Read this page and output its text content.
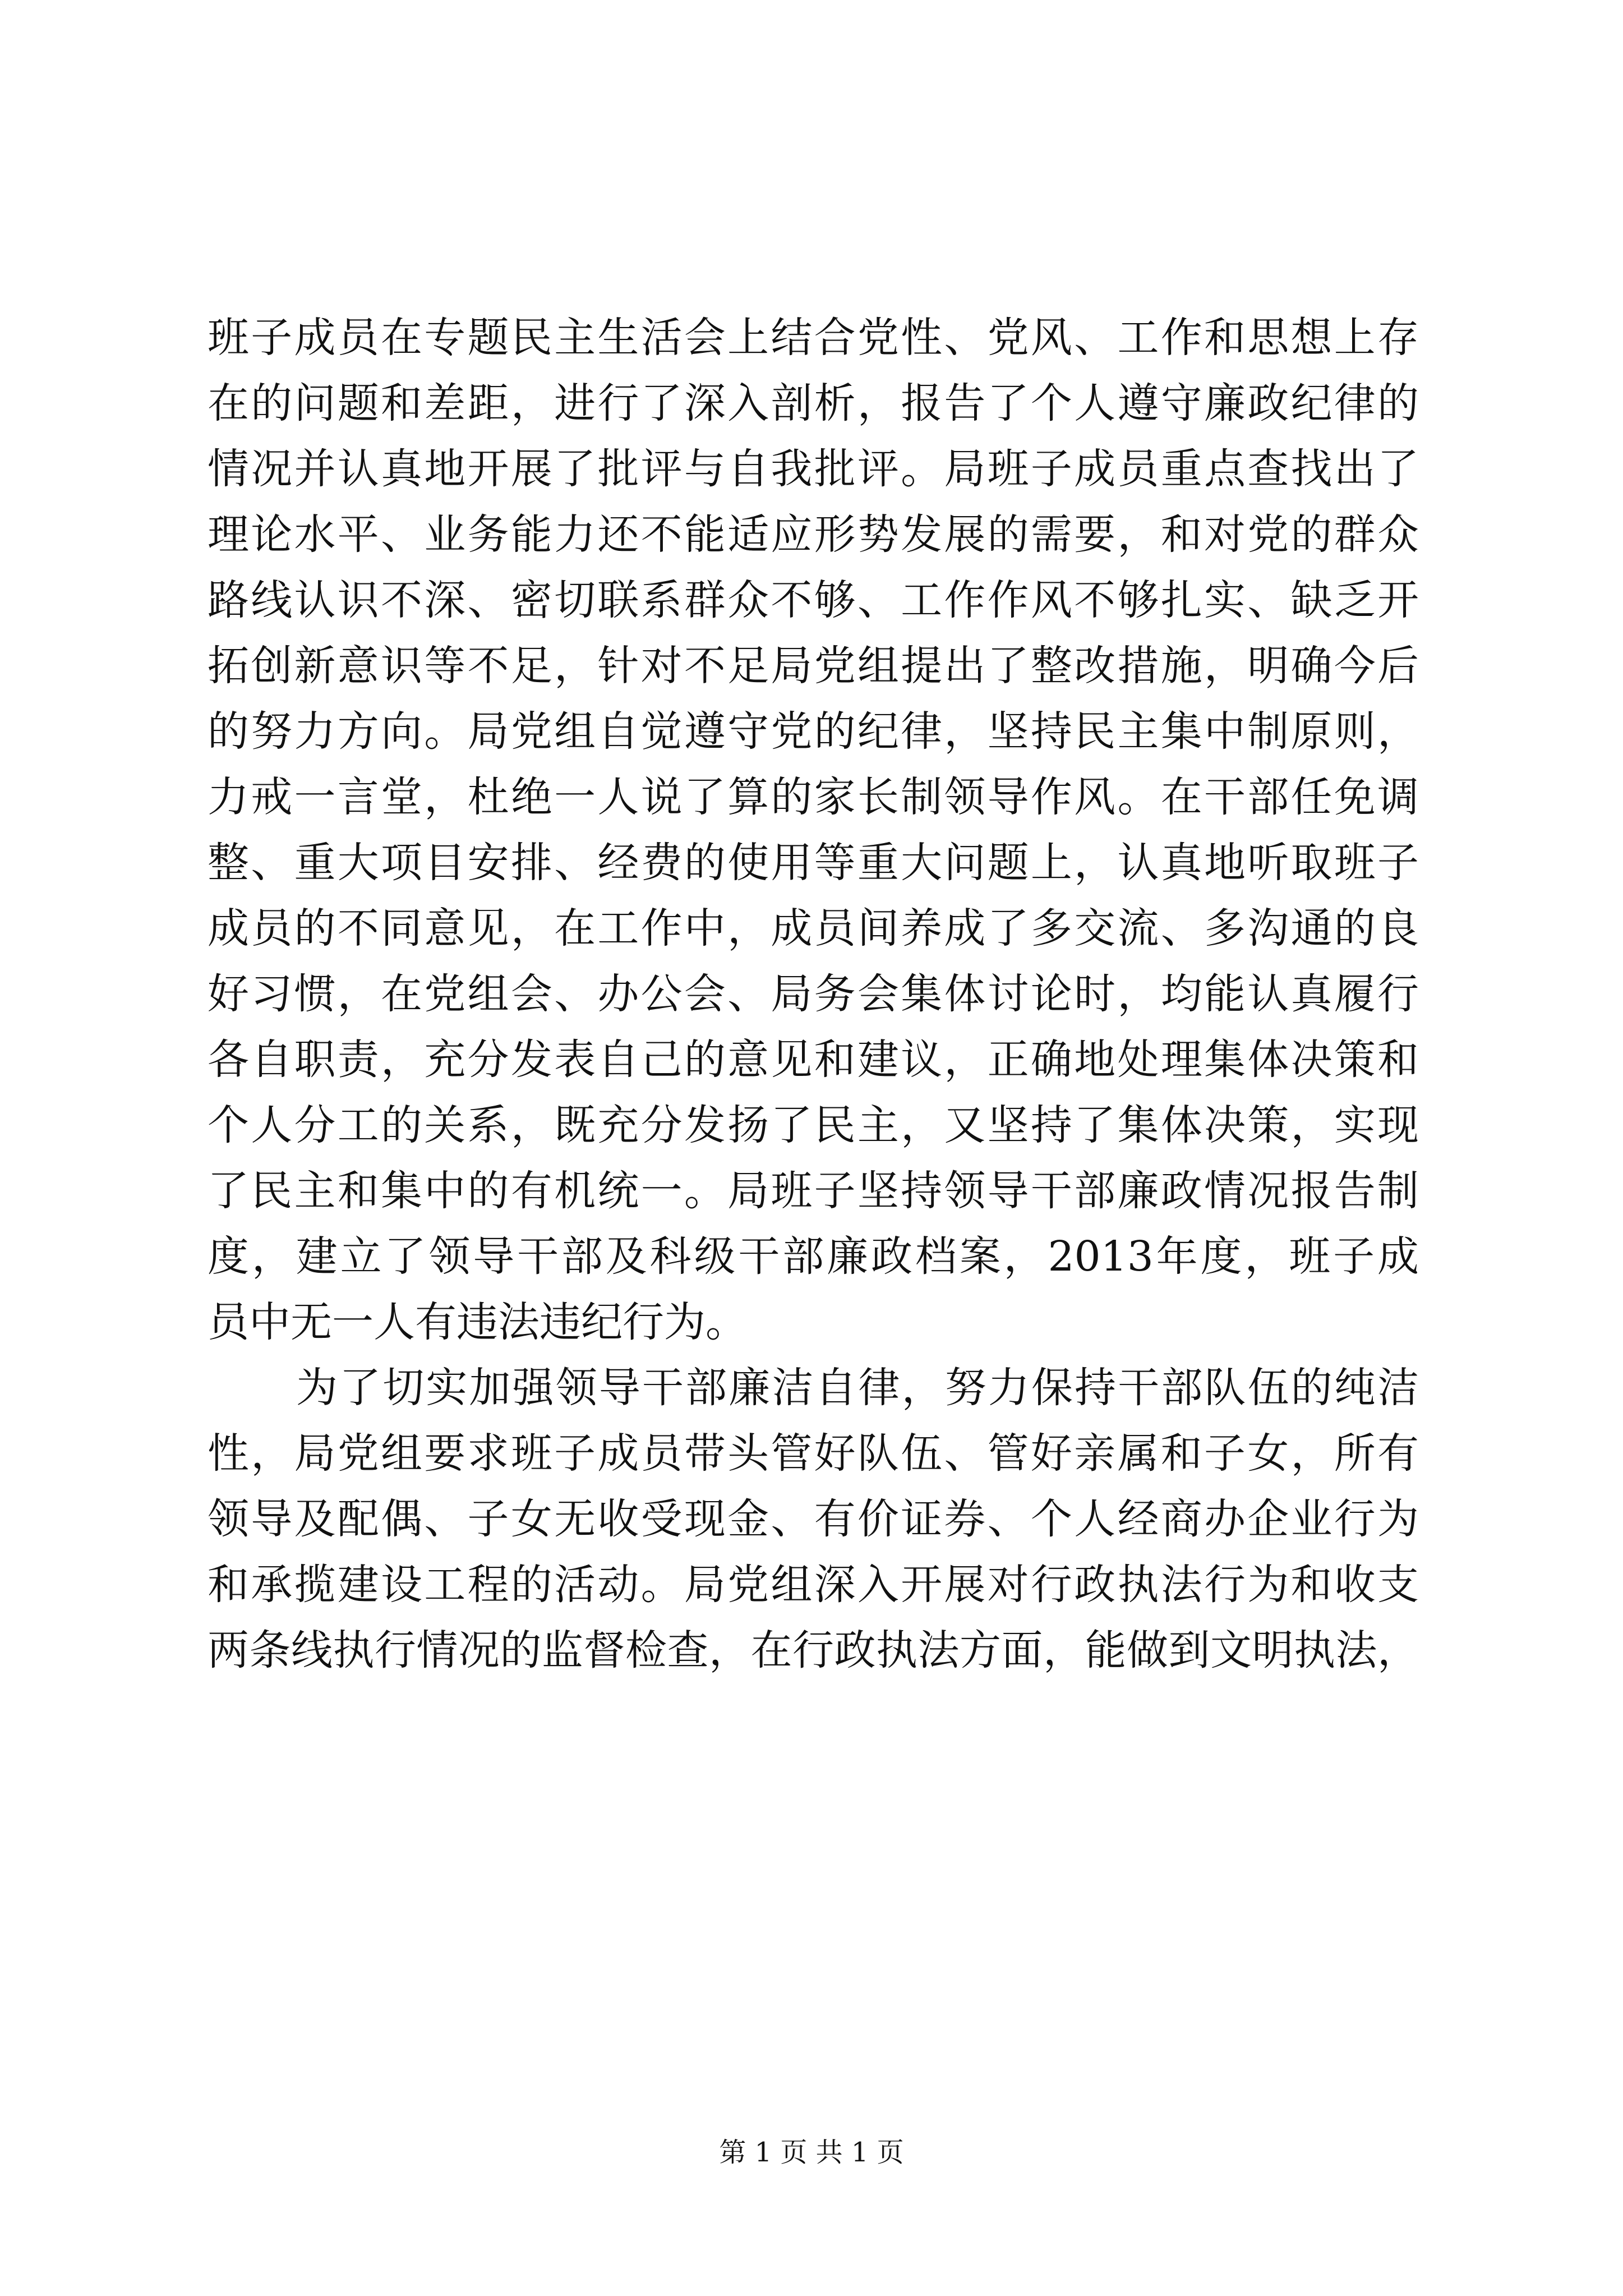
班子成员在专题民主生活会上结合党性、党风、工作和思想上存
在的问题和差距，进行了深入剖析，报告了个人遵守廉政纪律的
情况并认真地开展了批评与自我批评。局班子成员重点查找出了
理论水平、业务能力还不能适应形势发展的需要，和对党的群众
路线认识不深、密切联系群众不够、工作作风不够扎实、缺乏开
拓创新意识等不足，针对不足局党组提出了整改措施，明确今后
的努力方向。局党组自觉遵守党的纪律，坚持民主集中制原则，
力戒一言堂，杜绝一人说了算的家长制领导作风。在干部任免调
整、重大项目安排、经费的使用等重大问题上，认真地听取班子
成员的不同意见，在工作中，成员间养成了多交流、多沟通的良
好习惯，在党组会、办公会、局务会集体讨论时，均能认真履行
各自职责，充分发表自己的意见和建议，正确地处理集体决策和
个人分工的关系，既充分发扬了民主，又坚持了集体决策，实现
了民主和集中的有机统一。局班子坚持领导干部廉政情况报告制
度，建立了领导干部及科级干部廉政档案，2013年度，班子成
员中无一人有违法违纪行为。
为了切实加强领导干部廉洁自律，努力保持干部队伍的纯洁
性，局党组要求班子成员带头管好队伍、管好亲属和子女，所有
领导及配偶、子女无收受现金、有价证券、个人经商办企业行为
和承揽建设工程的活动。局党组深入开展对行政执法行为和收支
两条线执行情况的监督检查，在行政执法方面，能做到文明执法，
第 1 页 共 1 页
